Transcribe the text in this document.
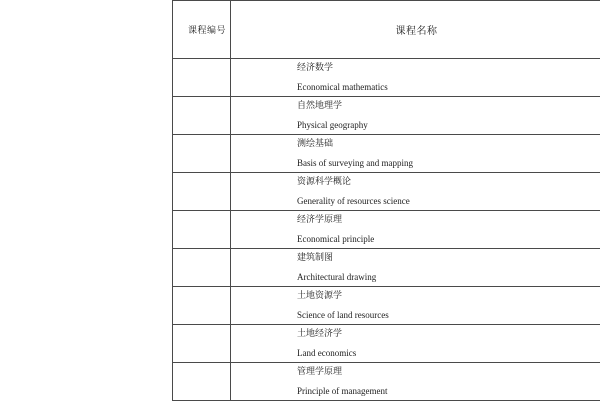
课程编号	课程名称

	经济数学
Economical mathematics

	自然地理学
Physical geography

	测绘基础
Basis of surveying and mapping

	资源科学概论
Generality of resources science

	经济学原理
Economical principle

	建筑制图
Architectural drawing

	土地资源学
Science of land resources

	土地经济学
Land economics

	管理学原理
Principle of management
